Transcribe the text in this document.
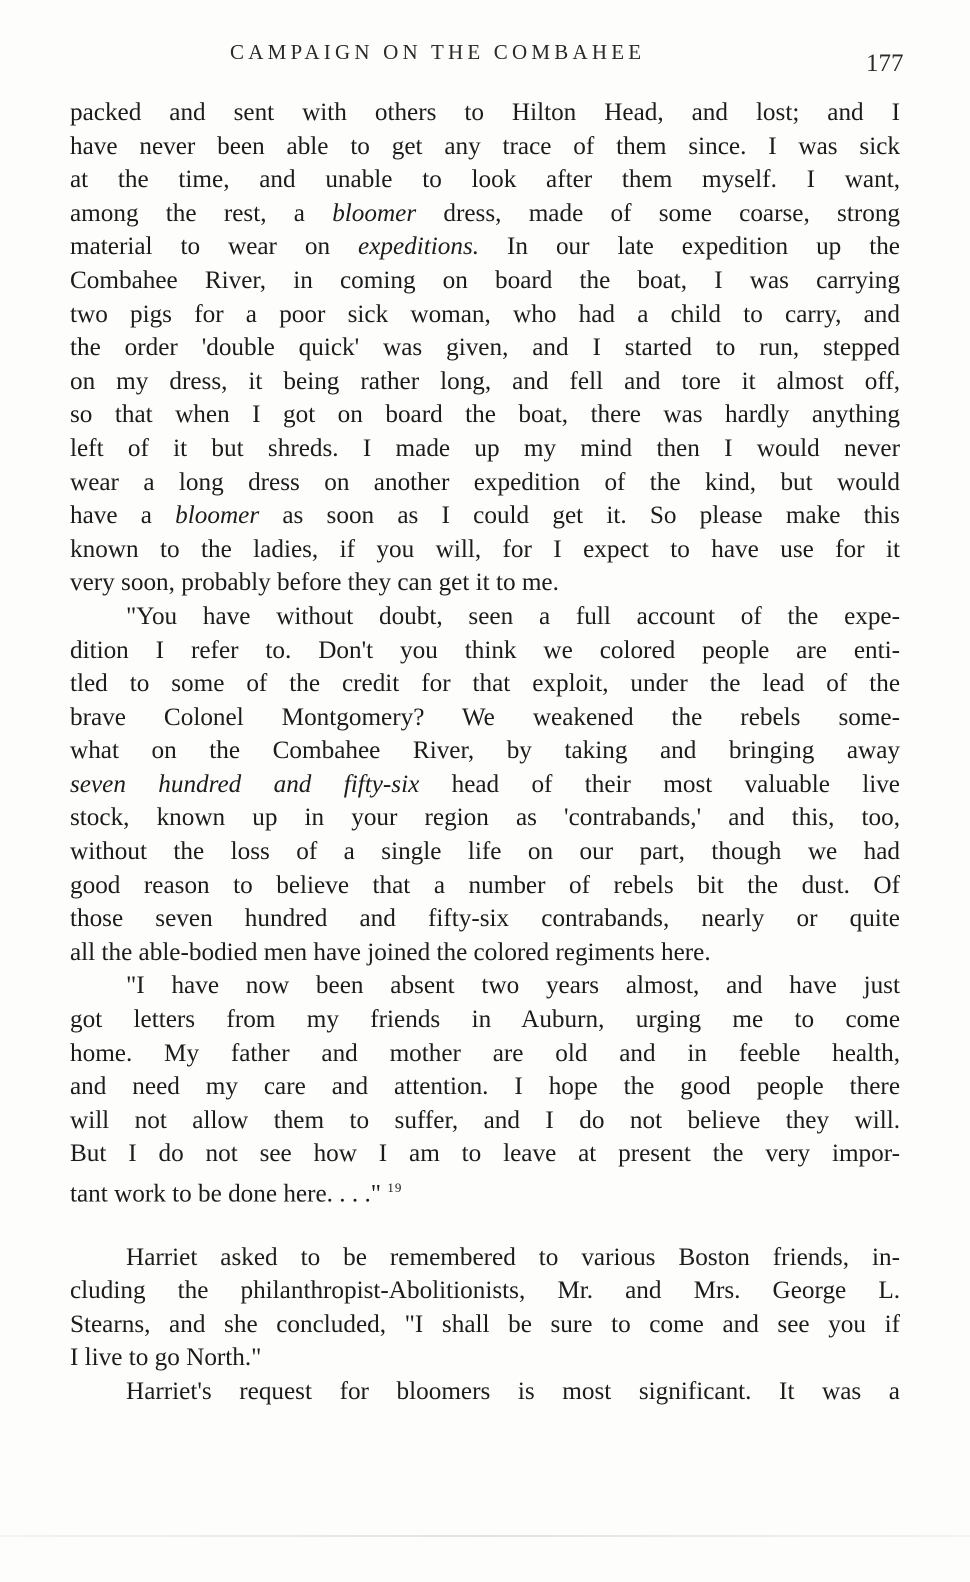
CAMPAIGN ON THE COMBAHEE	177
packed and sent with others to Hilton Head, and lost; and I
have never been able to get any trace of them since. I was sick
at the time, and unable to look after them myself. I want,
among the rest, a bloomer dress, made of some coarse, strong
material to wear on expeditions. In our late expedition up the
Combahee River, in coming on board the boat, I was carrying
two pigs for a poor sick woman, who had a child to carry, and
the order 'double quick' was given, and I started to run, stepped
on my dress, it being rather long, and fell and tore it almost off,
so that when I got on board the boat, there was hardly anything
left of it but shreds. I made up my mind then I would never
wear a long dress on another expedition of the kind, but would
have a bloomer as soon as I could get it. So please make this
known to the ladies, if you will, for I expect to have use for it
very soon, probably before they can get it to me.
"You have without doubt, seen a full account of the expe-
dition I refer to. Don't you think we colored people are enti-
tled to some of the credit for that exploit, under the lead of the
brave Colonel Montgomery? We weakened the rebels some-
what on the Combahee River, by taking and bringing away
seven hundred and fifty-six head of their most valuable live
stock, known up in your region as 'contrabands,' and this, too,
without the loss of a single life on our part, though we had
good reason to believe that a number of rebels bit the dust. Of
those seven hundred and fifty-six contrabands, nearly or quite
all the able-bodied men have joined the colored regiments here.
"I have now been absent two years almost, and have just
got letters from my friends in Auburn, urging me to come
home. My father and mother are old and in feeble health,
and need my care and attention. I hope the good people there
will not allow them to suffer, and I do not believe they will.
But I do not see how I am to leave at present the very impor-
tant work to be done here. . . ." $^{19}$
Harriet asked to be remembered to various Boston friends, in-
cluding the philanthropist-Abolitionists, Mr. and Mrs. George L.
Stearns, and she concluded, "I shall be sure to come and see you if
I live to go North."
Harriet's request for bloomers is most significant. It was a
